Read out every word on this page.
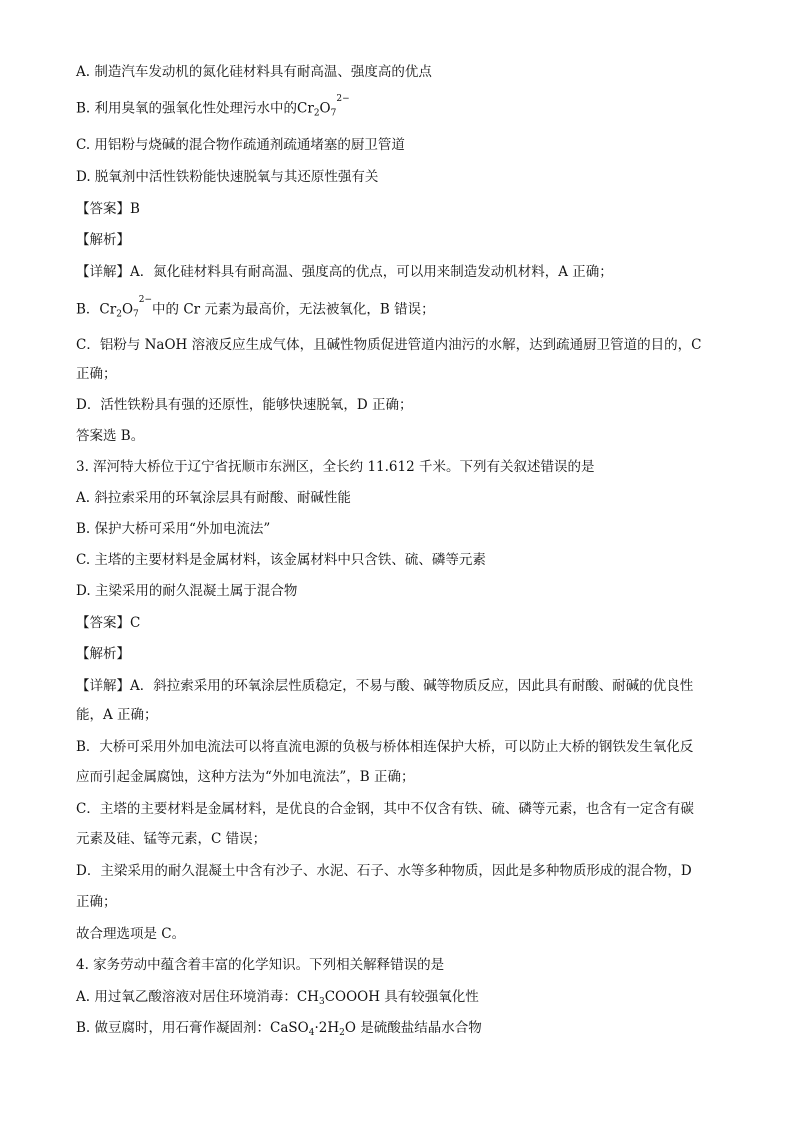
A. 制造汽车发动机的氮化硅材料具有耐高温、强度高的优点
B. 利用臭氧的强氧化性处理污水中的$Cr_2O_7^{2-}$
C. 用铝粉与烧碱的混合物作疏通剂疏通堵塞的厨卫管道
D. 脱氧剂中活性铁粉能快速脱氧与其还原性强有关
【答案】B
【解析】
【详解】A．氮化硅材料具有耐高温、强度高的优点，可以用来制造发动机材料，A 正确；
B．$Cr_2O_7^{2-}$中的 Cr 元素为最高价，无法被氧化，B 错误；
C．铝粉与 NaOH 溶液反应生成气体，且碱性物质促进管道内油污的水解，达到疏通厨卫管道的目的，C
正确；
D．活性铁粉具有强的还原性，能够快速脱氧，D 正确；
答案选 B。
3. 浑河特大桥位于辽宁省抚顺市东洲区，全长约 11.612 千米。下列有关叙述错误的是
A. 斜拉索采用的环氧涂层具有耐酸、耐碱性能
B. 保护大桥可采用“外加电流法”
C. 主塔的主要材料是金属材料，该金属材料中只含铁、硫、磷等元素
D. 主梁采用的耐久混凝土属于混合物
【答案】C
【解析】
【详解】A．斜拉索采用的环氧涂层性质稳定，不易与酸、碱等物质反应，因此具有耐酸、耐碱的优良性
能，A 正确；
B．大桥可采用外加电流法可以将直流电源的负极与桥体相连保护大桥，可以防止大桥的钢铁发生氧化反
应而引起金属腐蚀，这种方法为“外加电流法”，B 正确；
C．主塔的主要材料是金属材料，是优良的合金钢，其中不仅含有铁、硫、磷等元素，也含有一定含有碳
元素及硅、锰等元素，C 错误；
D．主梁采用的耐久混凝土中含有沙子、水泥、石子、水等多种物质，因此是多种物质形成的混合物，D
正确；
故合理选项是 C。
4. 家务劳动中蕴含着丰富的化学知识。下列相关解释错误的是
A. 用过氧乙酸溶液对居住环境消毒：$CH_3COOOH$ 具有较强氧化性
B. 做豆腐时，用石膏作凝固剂：$CaSO_4\cdot 2H_2O$ 是硫酸盐结晶水合物
